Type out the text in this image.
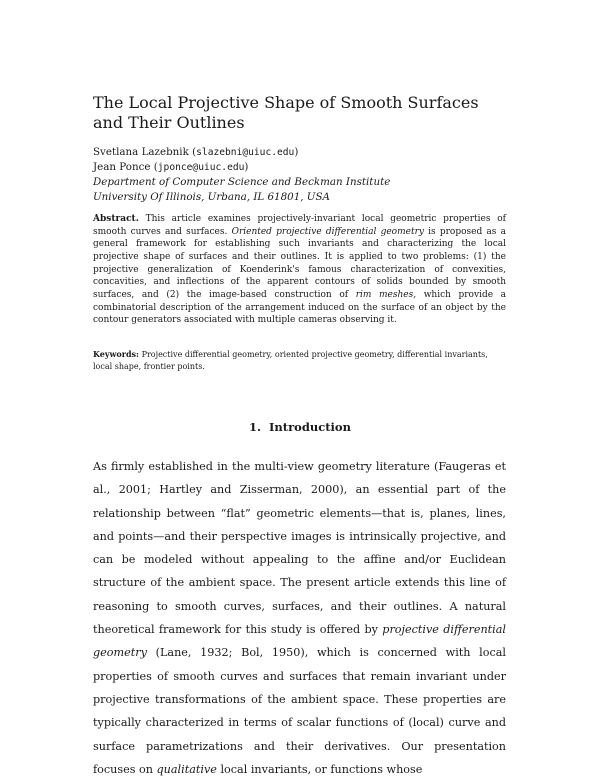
The Local Projective Shape of Smooth Surfaces
and Their Outlines
Svetlana Lazebnik (slazebni@uiuc.edu)
Jean Ponce (jponce@uiuc.edu)
Department of Computer Science and Beckman Institute
University Of Illinois, Urbana, IL 61801, USA

Abstract. This article examines projectively-invariant local geometric properties of smooth curves and surfaces. Oriented projective differential geometry is proposed as a general framework for establishing such invariants and characterizing the local projective shape of surfaces and their outlines. It is applied to two problems: (1) the projective generalization of Koenderink's famous characterization of convexities, concavities, and inflections of the apparent contours of solids bounded by smooth surfaces, and (2) the image-based construction of rim meshes, which provide a combinatorial description of the arrangement induced on the surface of an object by the contour generators associated with multiple cameras observing it.

Keywords: Projective differential geometry, oriented projective geometry, differential invariants, local shape, frontier points.

1. Introduction

As firmly established in the multi-view geometry literature (Faugeras et al., 2001; Hartley and Zisserman, 2000), an essential part of the relationship between “flat” geometric elements—that is, planes, lines, and points—and their perspective images is intrinsically projective, and can be modeled without appealing to the affine and/or Euclidean structure of the ambient space. The present article extends this line of reasoning to smooth curves, surfaces, and their outlines. A natural theoretical framework for this study is offered by projective differential geometry (Lane, 1932; Bol, 1950), which is concerned with local properties of smooth curves and surfaces that remain invariant under projective transformations of the ambient space. These properties are typically characterized in terms of scalar functions of (local) curve and surface parametrizations and their derivatives. Our presentation focuses on qualitative local invariants, or functions whose
